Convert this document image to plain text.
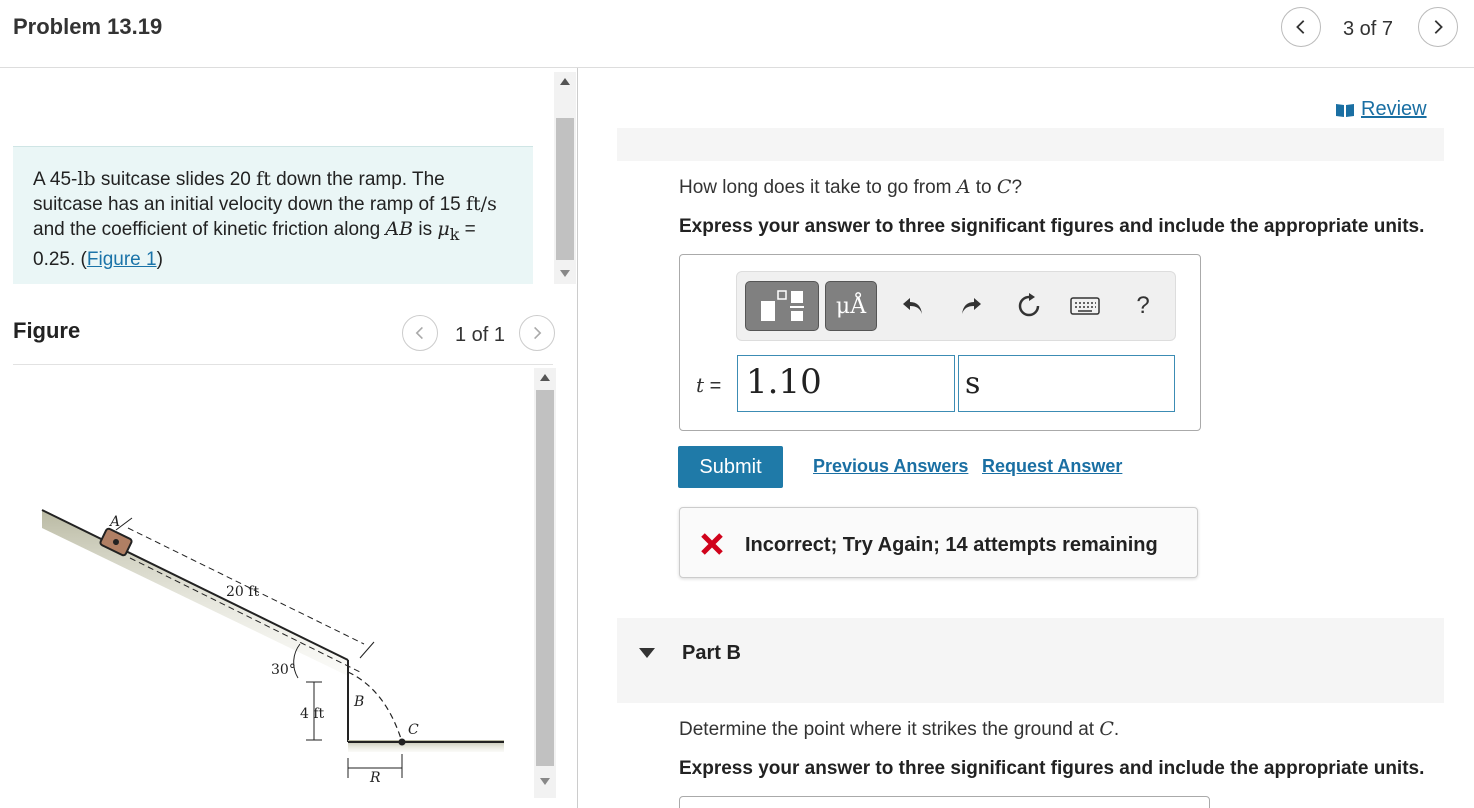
Problem 13.19	3 of 7
A 45-lb suitcase slides 20 ft down the ramp. The suitcase has an initial velocity down the ramp of 15 ft/s and the coefficient of kinetic friction along AB is $\mu_k = 0.25$. (Figure 1)
Figure	1 of 1
A
20 ft
30°
4 ft
B
C
R
Review
How long does it take to go from A to C?
Express your answer to three significant figures and include the appropriate units.
μÅ	?
t = 1.10	s
Submit	Previous Answers Request Answer
Incorrect; Try Again; 14 attempts remaining
Part B
Determine the point where it strikes the ground at C.
Express your answer to three significant figures and include the appropriate units.
